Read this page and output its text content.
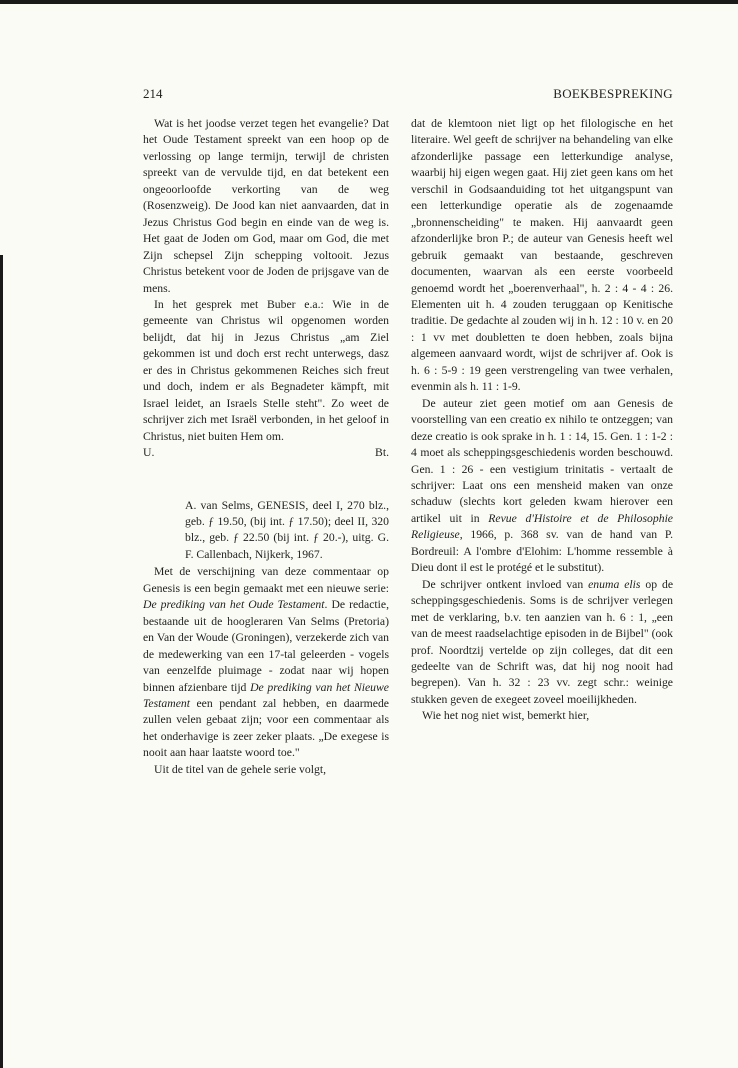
214	BOEKBESPREKING

Wat is het joodse verzet tegen het evangelie? Dat het Oude Testament spreekt van een hoop op de verlossing op lange termijn, terwijl de christen spreekt van de vervulde tijd, en dat betekent een ongeoorloofde verkorting van de weg (Rosenzweig). De Jood kan niet aanvaarden, dat in Jezus Christus God begin en einde van de weg is. Het gaat de Joden om God, maar om God, die met Zijn schepsel Zijn schepping voltooit. Jezus Christus betekent voor de Joden de prijsgave van de mens.

In het gesprek met Buber e.a.: Wie in de gemeente van Christus wil opgenomen worden belijdt, dat hij in Jezus Christus „am Ziel gekommen ist und doch erst recht unterwegs, dasz er des in Christus gekommenen Reiches sich freut und doch, indem er als Begnadeter kämpft, mit Israel leidet, an Israels Stelle steht". Zo weet de schrijver zich met Israël verbonden, in het geloof in Christus, niet buiten Hem om.

U.	Bt.

A. van Selms, GENESIS, deel I, 270 blz., geb. ƒ 19.50, (bij int. ƒ 17.50); deel II, 320 blz., geb. ƒ 22.50 (bij int. ƒ 20.-), uitg. G. F. Callenbach, Nijkerk, 1967.

Met de verschijning van deze commentaar op Genesis is een begin gemaakt met een nieuwe serie: De prediking van het Oude Testament. De redactie, bestaande uit de hoogleraren Van Selms (Pretoria) en Van der Woude (Groningen), verzekerde zich van de medewerking van een 17-tal geleerden - vogels van eenzelfde pluimage - zodat naar wij hopen binnen afzienbare tijd De prediking van het Nieuwe Testament een pendant zal hebben, en daarmede zullen velen gebaat zijn; voor een commentaar als het onderhavige is zeer zeker plaats. „De exegese is nooit aan haar laatste woord toe."

Uit de titel van de gehele serie volgt,

dat de klemtoon niet ligt op het filologische en het literaire. Wel geeft de schrijver na behandeling van elke afzonderlijke passage een letterkundige analyse, waarbij hij eigen wegen gaat. Hij ziet geen kans om het verschil in Godsaanduiding tot het uitgangspunt van een letterkundige operatie als de zogenaamde „bronnenscheiding" te maken. Hij aanvaardt geen afzonderlijke bron P.; de auteur van Genesis heeft wel gebruik gemaakt van bestaande, geschreven documenten, waarvan als een eerste voorbeeld genoemd wordt het „boerenverhaal", h. 2 : 4 - 4 : 26. Elementen uit h. 4 zouden teruggaan op Kenitische traditie. De gedachte al zouden wij in h. 12 : 10 v. en 20 : 1 vv met doubletten te doen hebben, zoals bijna algemeen aanvaard wordt, wijst de schrijver af. Ook is h. 6 : 5-9 : 19 geen verstrengeling van twee verhalen, evenmin als h. 11 : 1-9.

De auteur ziet geen motief om aan Genesis de voorstelling van een creatio ex nihilo te ontzeggen; van deze creatio is ook sprake in h. 1 : 14, 15. Gen. 1 : 1-2 : 4 moet als scheppingsgeschiedenis worden beschouwd. Gen. 1 : 26 - een vestigium trinitatis - vertaalt de schrijver: Laat ons een mensheid maken van onze schaduw (slechts kort geleden kwam hierover een artikel uit in Revue d'Histoire et de Philosophie Religieuse, 1966, p. 368 sv. van de hand van P. Bordreuil: A l'ombre d'Elohim: L'homme ressemble à Dieu dont il est le protégé et le substitut).

De schrijver ontkent invloed van enuma elis op de scheppingsgeschiedenis. Soms is de schrijver verlegen met de verklaring, b.v. ten aanzien van h. 6 : 1, „een van de meest raadselachtige episoden in de Bijbel" (ook prof. Noordtzij vertelde op zijn colleges, dat dit een gedeelte van de Schrift was, dat hij nog nooit had begrepen). Van h. 32 : 23 vv. zegt schr.: weinige stukken geven de exegeet zoveel moeilijkheden.

Wie het nog niet wist, bemerkt hier,
